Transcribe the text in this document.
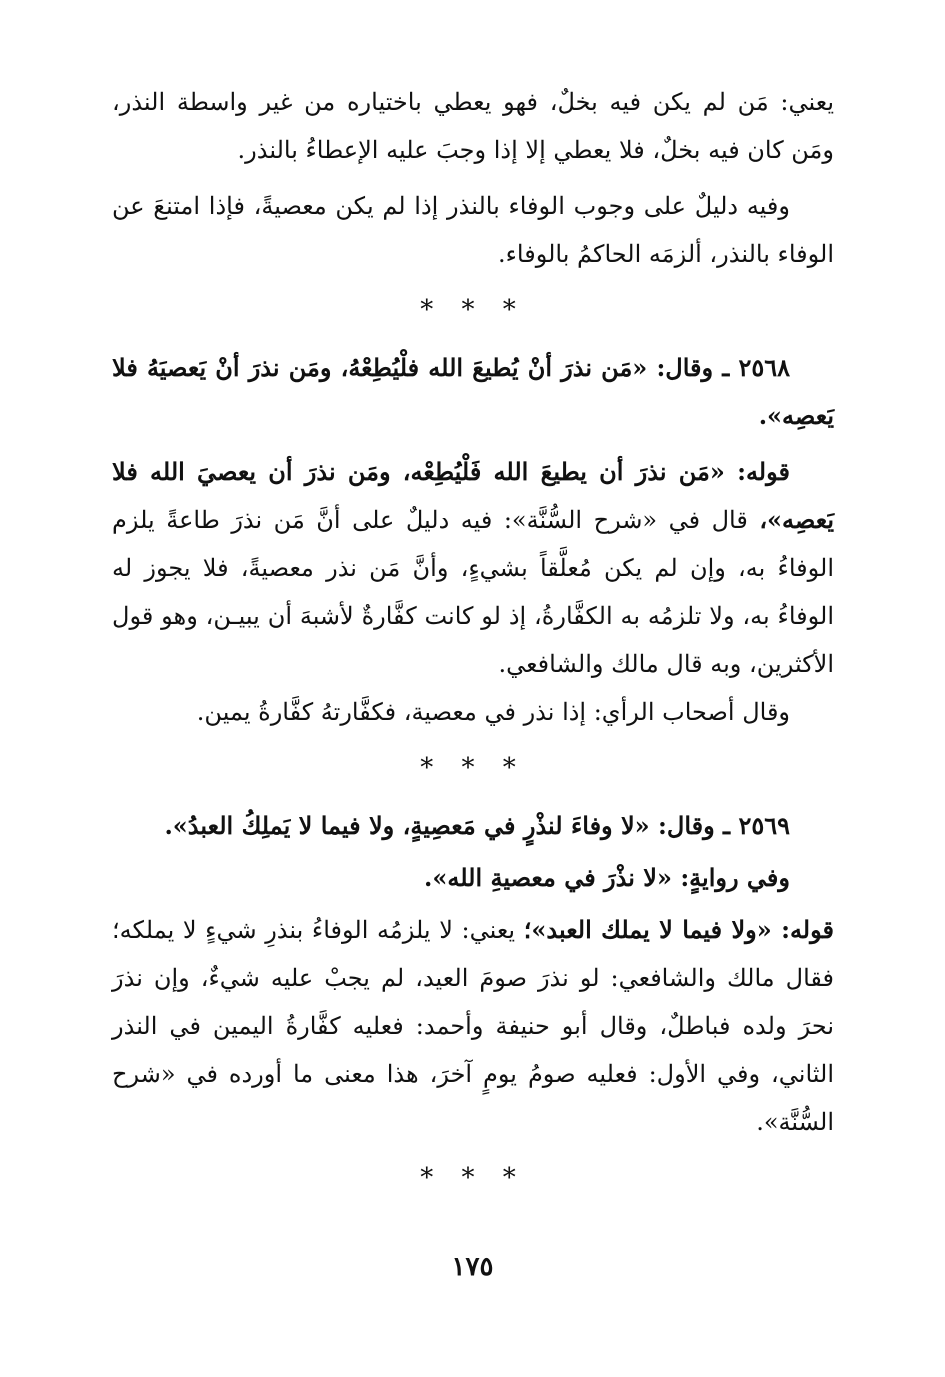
يعني: مَن لم يكن فيه بخلٌ، فهو يعطي باختياره من غير واسطة النذر، ومَن كان فيه بخلٌ، فلا يعطي إلا إذا وجبَ عليه الإعطاءُ بالنذر.

وفيه دليلٌ على وجوب الوفاء بالنذر إذا لم يكن معصيةً، فإذا امتنعَ عن الوفاء بالنذر، ألزمَه الحاكمُ بالوفاء.

* * *

٢٥٦٨ ـ وقال: «مَن نذرَ أنْ يُطيعَ الله فلْيُطِعْهُ، ومَن نذرَ أنْ يَعصيَهُ فلا يَعصِه».

قوله: «مَن نذرَ أن يطيعَ الله فَلْيُطِعْه، ومَن نذرَ أن يعصيَ الله فلا يَعصِه»، قال في «شرح السُّنَّة»: فيه دليلٌ على أنَّ مَن نذرَ طاعةً يلزم الوفاءُ به، وإن لم يكن مُعلَّقاً بشيءٍ، وأنَّ مَن نذر معصيةً، فلا يجوز له الوفاءُ به، ولا تلزمُه به الكفَّارةُ، إذ لو كانت كفَّارةٌ لأشبهَ أن يبيـن، وهو قول الأكثرين، وبه قال مالك والشافعي.

وقال أصحاب الرأي: إذا نذر في معصية، فكفَّارتهُ كفَّارةُ يمين.

* * *

٢٥٦٩ ـ وقال: «لا وفاءَ لنذْرٍ في مَعصِيةٍ، ولا فيما لا يَملِكُ العبدُ».

وفي روايةٍ: «لا نذْرَ في معصيةِ الله».

قوله: «ولا فيما لا يملك العبد»؛ يعني: لا يلزمُه الوفاءُ بنذرِ شيءٍ لا يملكه؛ فقال مالك والشافعي: لو نذرَ صومَ العيد، لم يجبْ عليه شيءٌ، وإن نذرَ نحرَ ولده فباطلٌ، وقال أبو حنيفة وأحمد: فعليه كفَّارةُ اليمين في النذر الثاني، وفي الأول: فعليه صومُ يومٍ آخرَ، هذا معنى ما أورده في «شرح السُّنَّة».

* * *

١٧٥
